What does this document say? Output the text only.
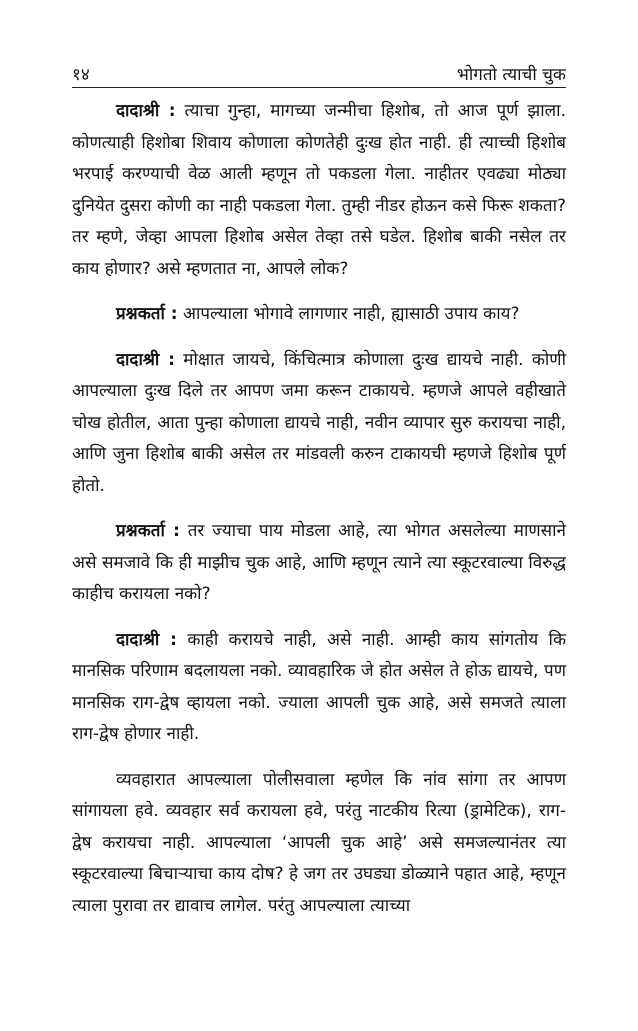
१४	भोगतो त्याची चुक

दादाश्री : त्याचा गुन्हा, मागच्या जन्मीचा हिशोब, तो आज पूर्ण झाला. कोणत्याही हिशोबा शिवाय कोणाला कोणतेही दुःख होत नाही. ही त्याच्ची हिशोब भरपाई करण्याची वेळ आली म्हणून तो पकडला गेला. नाहीतर एवढ्या मोठ्या दुनियेत दुसरा कोणी का नाही पकडला गेला. तुम्ही नीडर होऊन कसे फिरू शकता? तर म्हणे, जेव्हा आपला हिशोब असेल तेव्हा तसे घडेल. हिशोब बाकी नसेल तर काय होणार? असे म्हणतात ना, आपले लोक?

प्रश्नकर्ता : आपल्याला भोगावे लागणार नाही, ह्यासाठी उपाय काय?

दादाश्री : मोक्षात जायचे, किंचित्मात्र कोणाला दुःख द्यायचे नाही. कोणी आपल्याला दुःख दिले तर आपण जमा करून टाकायचे. म्हणजे आपले वहीखाते चोख होतील, आता पुन्हा कोणाला द्यायचे नाही, नवीन व्यापार सुरु करायचा नाही, आणि जुना हिशोब बाकी असेल तर मांडवली करुन टाकायची म्हणजे हिशोब पूर्ण होतो.

प्रश्नकर्ता : तर ज्याचा पाय मोडला आहे, त्या भोगत असलेल्या माणसाने असे समजावे कि ही माझीच चुक आहे, आणि म्हणून त्याने त्या स्कूटरवाल्या विरुद्ध काहीच करायला नको?

दादाश्री : काही करायचे नाही, असे नाही. आम्ही काय सांगतोय कि मानसिक परिणाम बदलायला नको. व्यावहारिक जे होत असेल ते होऊ द्यायचे, पण मानसिक राग-द्वेष व्हायला नको. ज्याला आपली चुक आहे, असे समजते त्याला राग-द्वेष होणार नाही.

व्यवहारात आपल्याला पोलीसवाला म्हणेल कि नांव सांगा तर आपण सांगायला हवे. व्यवहार सर्व करायला हवे, परंतु नाटकीय रित्या (ड्रामेटिक), राग-द्वेष करायचा नाही. आपल्याला ‘आपली चुक आहे’ असे समजल्यानंतर त्या स्कूटरवाल्या बिचाऱ्याचा काय दोष? हे जग तर उघड्या डोळ्याने पहात आहे, म्हणून त्याला पुरावा तर द्यावाच लागेल. परंतु आपल्याला त्याच्या
